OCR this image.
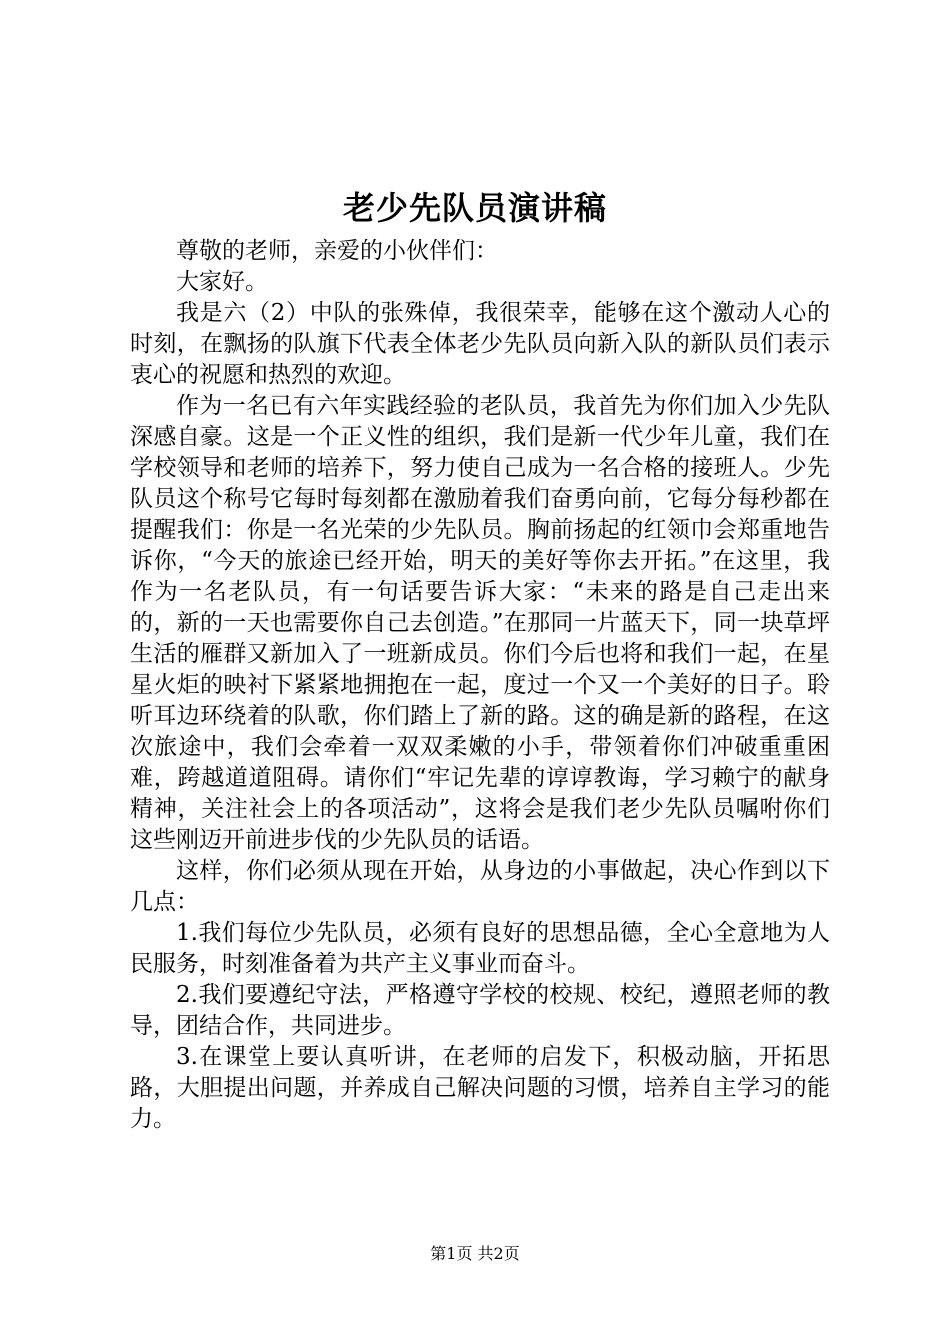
老少先队员演讲稿

尊敬的老师，亲爱的小伙伴们：

大家好。

我是六（2）中队的张殊倬，我很荣幸，能够在这个激动人心的时刻，在飘扬的队旗下代表全体老少先队员向新入队的新队员们表示衷心的祝愿和热烈的欢迎。

作为一名已有六年实践经验的老队员，我首先为你们加入少先队深感自豪。这是一个正义性的组织，我们是新一代少年儿童，我们在学校领导和老师的培养下，努力使自己成为一名合格的接班人。少先队员这个称号它每时每刻都在激励着我们奋勇向前，它每分每秒都在提醒我们：你是一名光荣的少先队员。胸前扬起的红领巾会郑重地告诉你，“今天的旅途已经开始，明天的美好等你去开拓。”在这里，我作为一名老队员，有一句话要告诉大家：“未来的路是自己走出来的，新的一天也需要你自己去创造。”在那同一片蓝天下，同一块草坪生活的雁群又新加入了一班新成员。你们今后也将和我们一起，在星星火炬的映衬下紧紧地拥抱在一起，度过一个又一个美好的日子。聆听耳边环绕着的队歌，你们踏上了新的路。这的确是新的路程，在这次旅途中，我们会牵着一双双柔嫩的小手，带领着你们冲破重重困难，跨越道道阻碍。请你们“牢记先辈的谆谆教诲，学习赖宁的献身精神，关注社会上的各项活动”，这将会是我们老少先队员嘱咐你们这些刚迈开前进步伐的少先队员的话语。

这样，你们必须从现在开始，从身边的小事做起，决心作到以下几点：

1.我们每位少先队员，必须有良好的思想品德，全心全意地为人民服务，时刻准备着为共产主义事业而奋斗。

2.我们要遵纪守法，严格遵守学校的校规、校纪，遵照老师的教导，团结合作，共同进步。

3.在课堂上要认真听讲，在老师的启发下，积极动脑，开拓思路，大胆提出问题，并养成自己解决问题的习惯，培养自主学习的能力。

第1页 共2页
